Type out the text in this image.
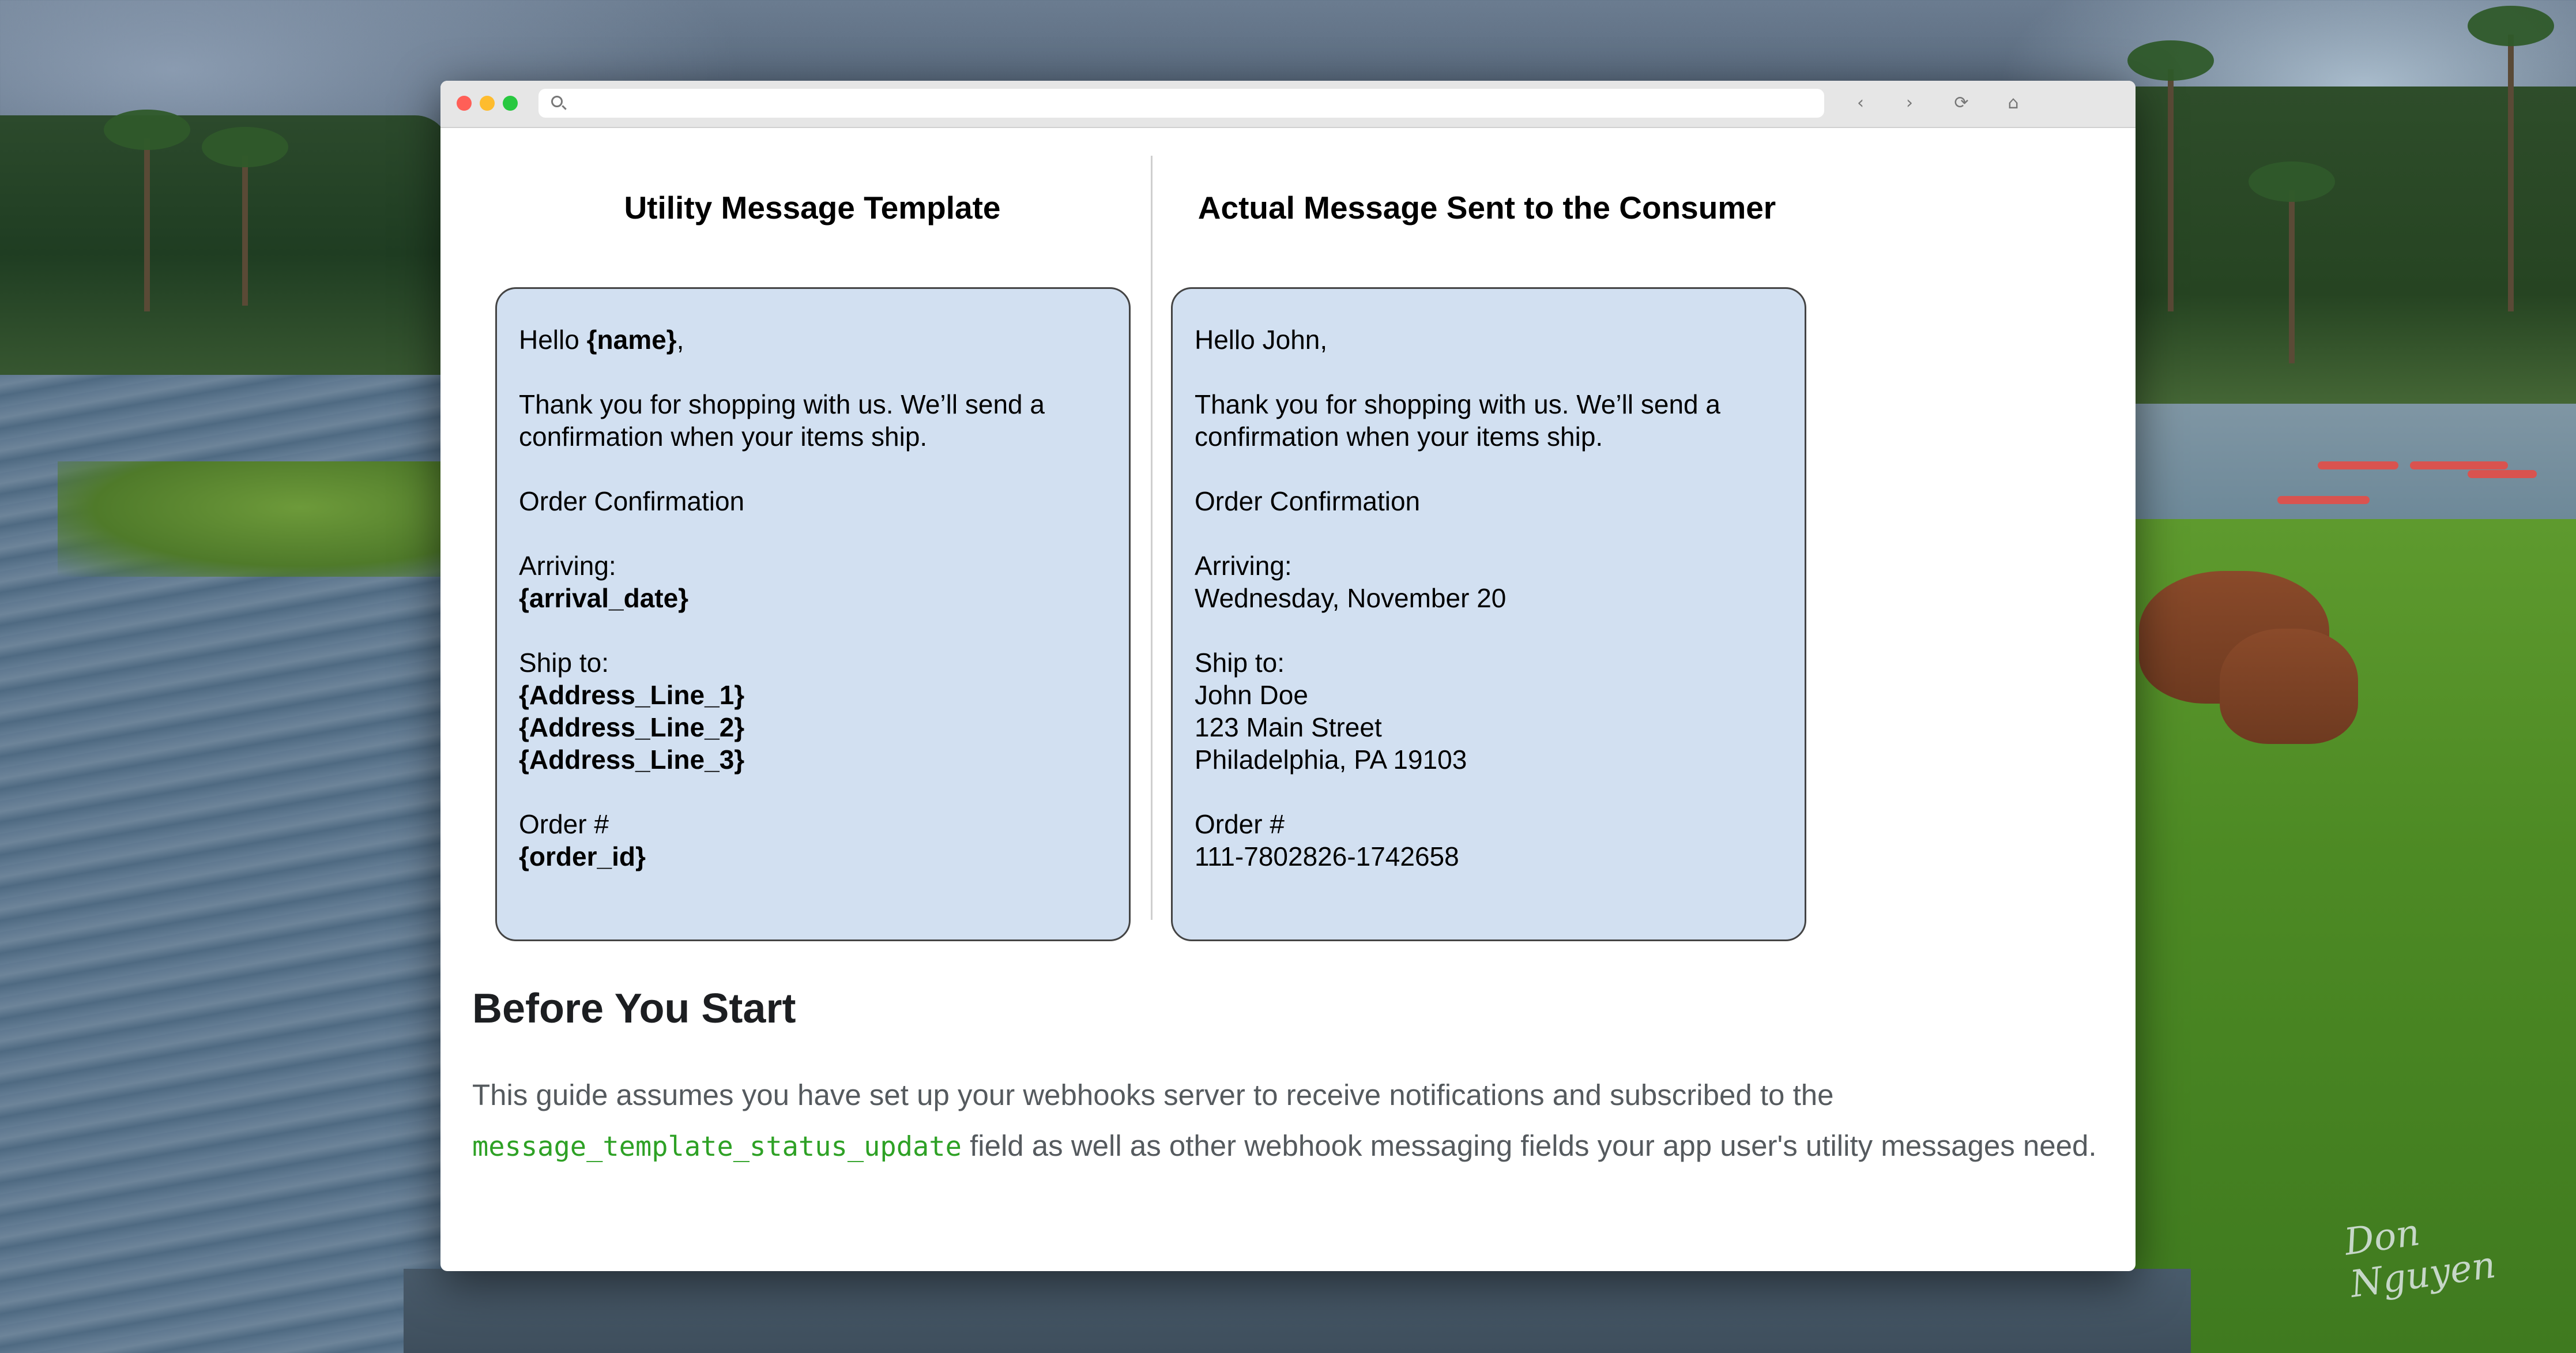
Don Nguyen
‹	›	⟳	⌂
Utility Message Template	Actual Message Sent to the Consumer
Hello {name},
Thank you for shopping with us. We’ll send a
confirmation when your items ship.
Order Confirmation
Arriving:
{arrival_date}
Ship to:
{Address_Line_1}
{Address_Line_2}
{Address_Line_3}
Order #
{order_id}
Hello John,
Thank you for shopping with us. We’ll send a
confirmation when your items ship.
Order Confirmation
Arriving:
Wednesday, November 20
Ship to:
John Doe
123 Main Street
Philadelphia, PA 19103
Order #
111-7802826-1742658
Before You Start

This guide assumes you have set up your webhooks server to receive notifications and subscribed to the message_template_status_update field as well as other webhook messaging fields your app user's utility messages need.
